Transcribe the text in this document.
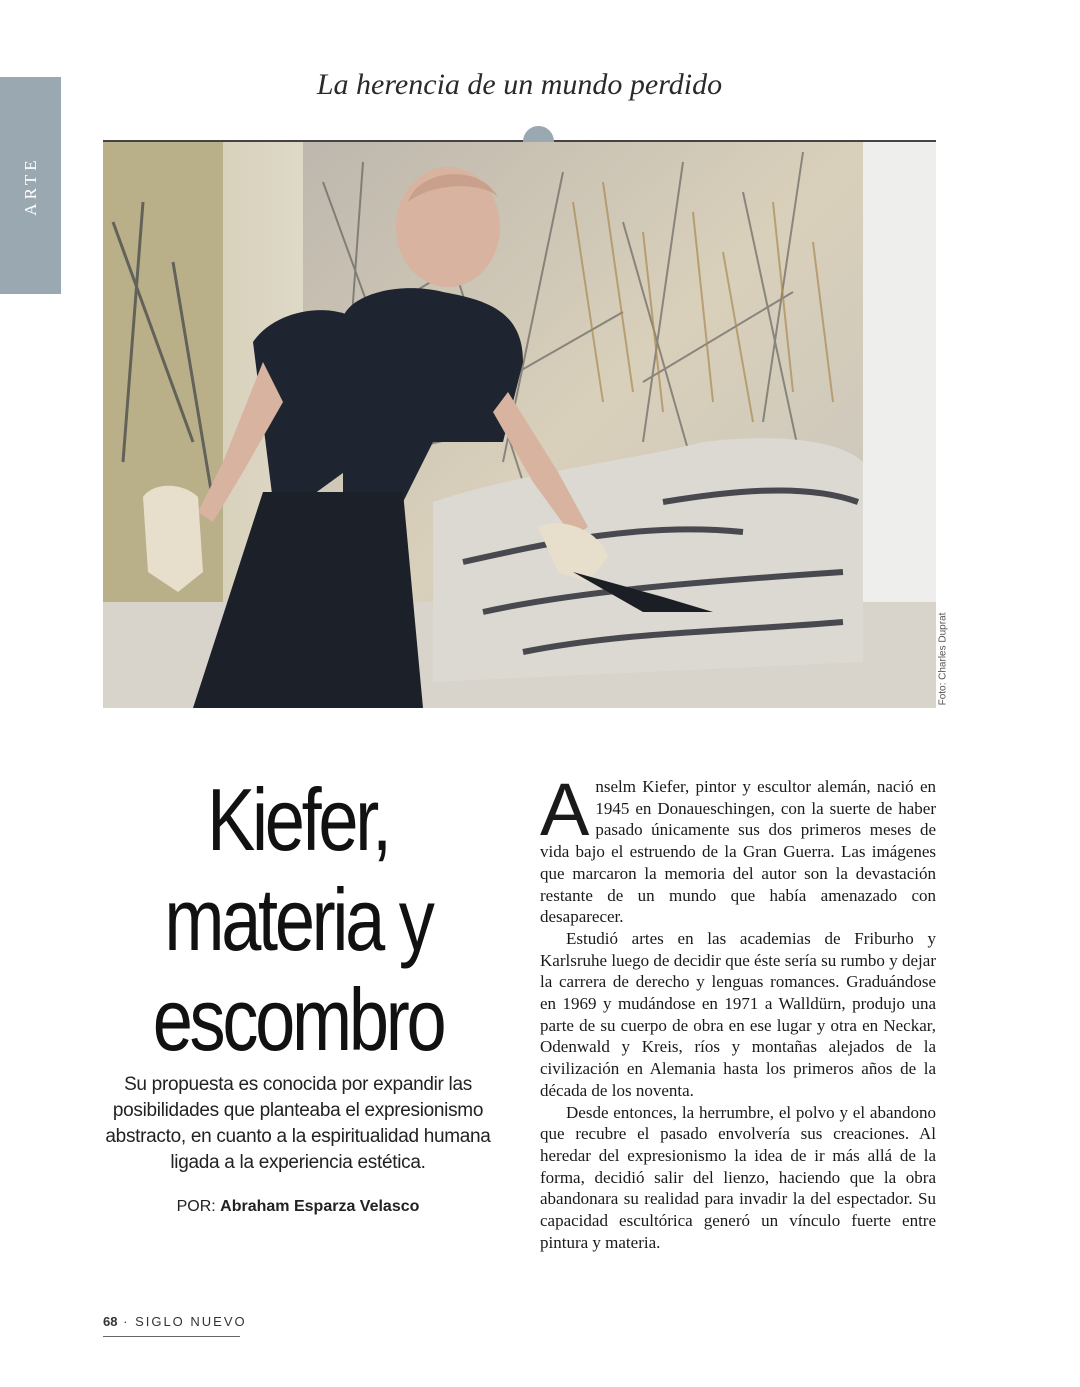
ARTE
La herencia de un mundo perdido
Foto: Charles Duprat
Kiefer,
materia y
escombro
Su propuesta es conocida por expandir las posibilidades que planteaba el expresionismo abstracto, en cuanto a la espiritualidad humana ligada a la experiencia estética.
POR: Abraham Esparza Velasco

Anselm Kiefer, pintor y escultor alemán, nació en 1945 en Donaueschingen, con la suerte de haber pasado únicamente sus dos primeros meses de vida bajo el estruendo de la Gran Guerra. Las imágenes que marcaron la memoria del autor son la devastación restante de un mundo que había amenazado con desaparecer.

Estudió artes en las academias de Friburho y Karlsruhe luego de decidir que éste sería su rumbo y dejar la carrera de derecho y lenguas romances. Graduándose en 1969 y mudándose en 1971 a Walldürn, produjo una parte de su cuerpo de obra en ese lugar y otra en Neckar, Odenwald y Kreis, ríos y montañas alejados de la civilización en Alemania hasta los primeros años de la década de los noventa.

Desde entonces, la herrumbre, el polvo y el abandono que recubre el pasado envolvería sus creaciones. Al heredar del expresionismo la idea de ir más allá de la forma, decidió salir del lienzo, haciendo que la obra abandonara su realidad para invadir la del espectador. Su capacidad escultórica generó un vínculo fuerte entre pintura y materia.

68 · SIGLO NUEVO
